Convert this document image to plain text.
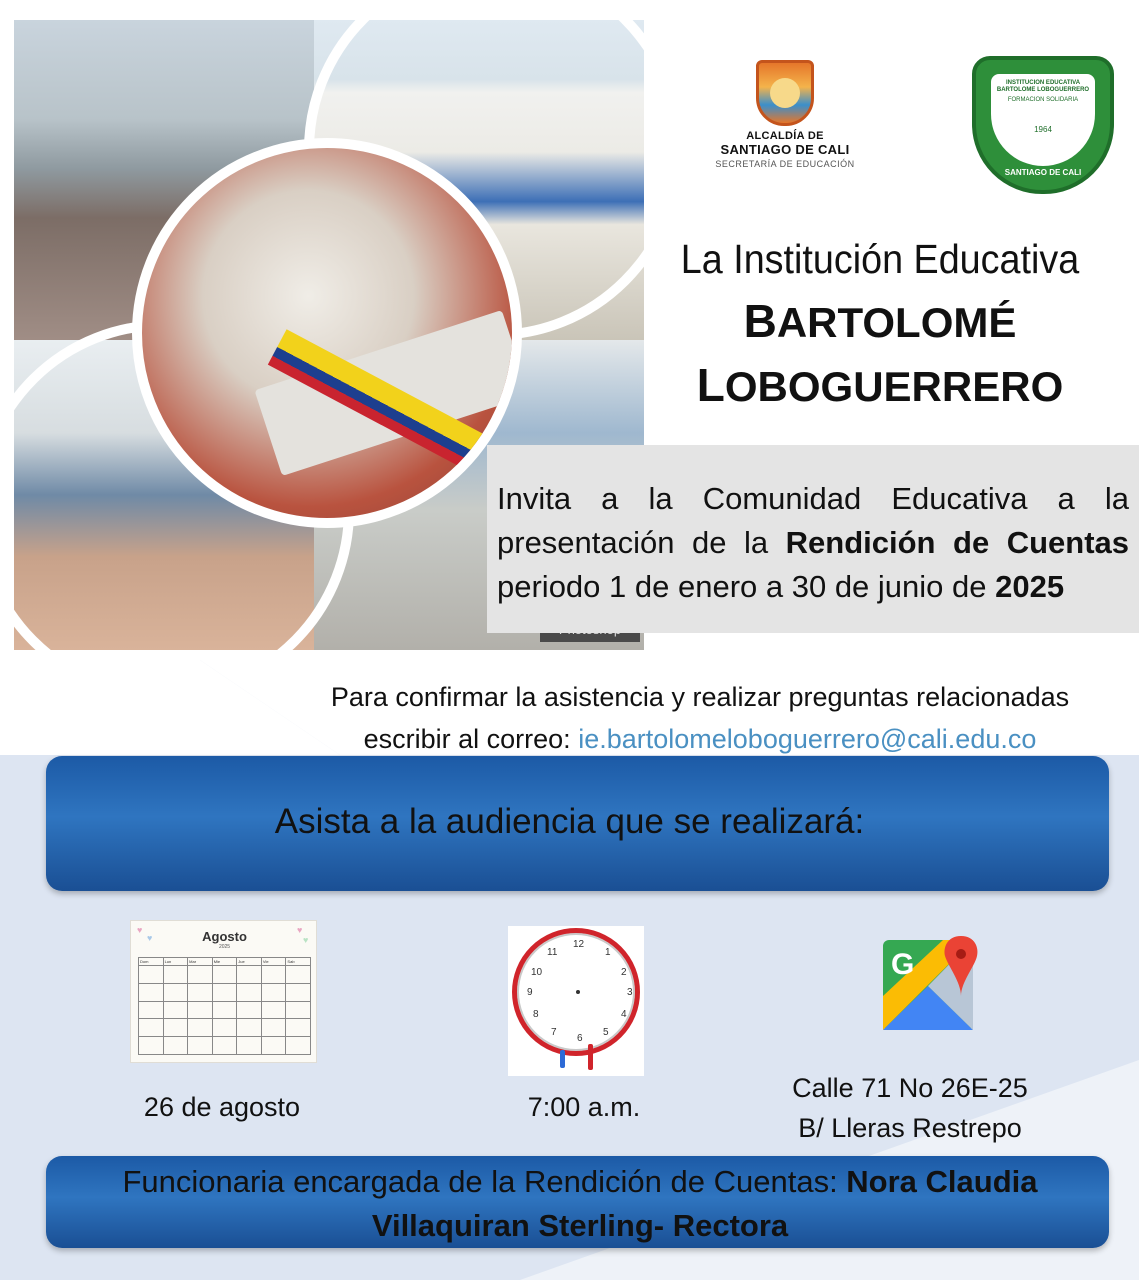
ALCALDÍA DE
SANTIAGO DE CALI
SECRETARÍA DE EDUCACIÓN
INSTITUCION EDUCATIVA BARTOLOME LOBOGUERRERO
FORMACION SOLIDARIA
1964
SANTIAGO DE CALI
La Institución Educativa
BARTOLOMÉ
LOBOGUERRERO
Invita a la Comunidad Educativa a la
presentación de la Rendición de Cuentas
periodo 1 de enero a 30 de junio de 2025
Para confirmar la asistencia y realizar preguntas relacionadas
escribir al correo: ie.bartolomeloboguerrero@cali.edu.co
Asista a la audiencia que se realizará:
♥
♥
♥
♥
Agosto
2025
Dom	Lun	Mar	Mie	Jue	Vie	Sab
12
1
2
3
4
5
6
7
8
9
10
11	G
26 de agosto	7:00 a.m.
Calle 71 No 26E-25
B/ Lleras Restrepo
Funcionaria encargada de la Rendición de Cuentas: Nora Claudia
Villaquiran Sterling- Rectora
